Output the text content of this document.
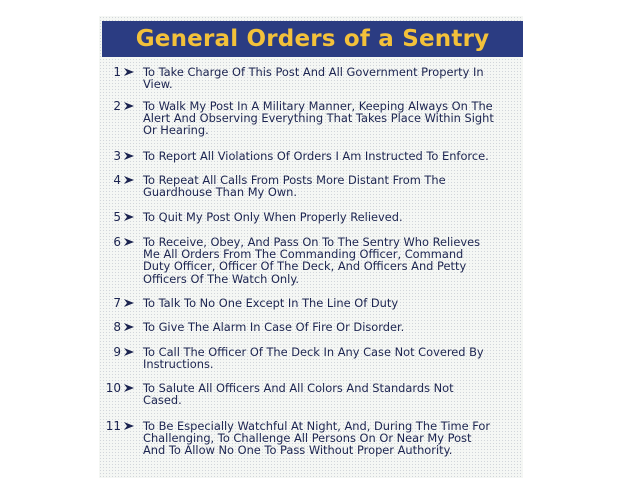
General Orders of a Sentry
1 To Take Charge Of This Post And All Government Property In
View.
2 To Walk My Post In A Military Manner, Keeping Always On The
Alert And Observing Everything That Takes Place Within Sight
Or Hearing.
3 To Report All Violations Of Orders I Am Instructed To Enforce.
4 To Repeat All Calls From Posts More Distant From The
Guardhouse Than My Own.
5 To Quit My Post Only When Properly Relieved.
6 To Receive, Obey, And Pass On To The Sentry Who Relieves
Me All Orders From The Commanding Officer, Command
Duty Officer, Officer Of The Deck, And Officers And Petty
Officers Of The Watch Only.
7 To Talk To No One Except In The Line Of Duty
8 To Give The Alarm In Case Of Fire Or Disorder.
9 To Call The Officer Of The Deck In Any Case Not Covered By
Instructions.
10 To Salute All Officers And All Colors And Standards Not
Cased.
11 To Be Especially Watchful At Night, And, During The Time For
Challenging, To Challenge All Persons On Or Near My Post
And To Allow No One To Pass Without Proper Authority.
